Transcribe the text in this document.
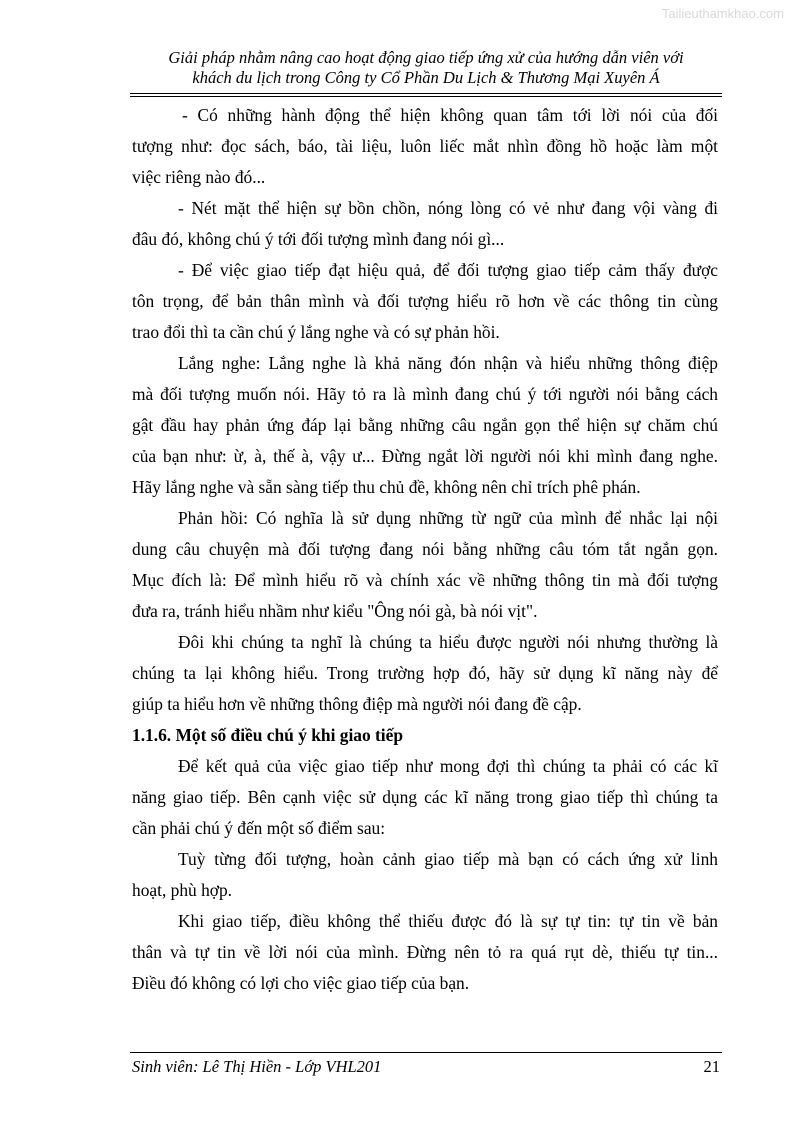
Tailieuthamkhao.com
Giải pháp nhằm nâng cao hoạt động giao tiếp ứng xử của hướng dẫn viên với
khách du lịch trong Công ty Cổ Phần Du Lịch & Thương Mại Xuyên Á
- Có những hành động thể hiện không quan tâm tới lời nói của đối
tượng như: đọc sách, báo, tài liệu, luôn liếc mắt nhìn đồng hồ hoặc làm một
việc riêng nào đó...
- Nét mặt thể hiện sự bồn chồn, nóng lòng có vẻ như đang vội vàng đi
đâu đó, không chú ý tới đối tượng mình đang nói gì...
- Để việc giao tiếp đạt hiệu quả, để đối tượng giao tiếp cảm thấy được
tôn trọng, để bản thân mình và đối tượng hiểu rõ hơn về các thông tin cùng
trao đổi thì ta cần chú ý lắng nghe và có sự phản hồi.
Lắng nghe: Lắng nghe là khả năng đón nhận và hiểu những thông điệp
mà đối tượng muốn nói. Hãy tỏ ra là mình đang chú ý tới người nói bằng cách
gật đầu hay phản ứng đáp lại bằng những câu ngắn gọn thể hiện sự chăm chú
của bạn như: ừ, à, thế à, vậy ư... Đừng ngắt lời người nói khi mình đang nghe.
Hãy lắng nghe và sẵn sàng tiếp thu chủ đề, không nên chỉ trích phê phán.
Phản hồi: Có nghĩa là sử dụng những từ ngữ của mình để nhắc lại nội
dung câu chuyện mà đối tượng đang nói bằng những câu tóm tắt ngắn gọn.
Mục đích là: Để mình hiểu rõ và chính xác về những thông tin mà đối tượng
đưa ra, tránh hiểu nhầm như kiểu "Ông nói gà, bà nói vịt".
Đôi khi chúng ta nghĩ là chúng ta hiểu được người nói nhưng thường là
chúng ta lại không hiểu. Trong trường hợp đó, hãy sử dụng kĩ năng này để
giúp ta hiểu hơn về những thông điệp mà người nói đang đề cập.
1.1.6. Một số điều chú ý khi giao tiếp
Để kết quả của việc giao tiếp như mong đợi thì chúng ta phải có các kĩ
năng giao tiếp. Bên cạnh việc sử dụng các kĩ năng trong giao tiếp thì chúng ta
cần phải chú ý đến một số điểm sau:
Tuỳ từng đối tượng, hoàn cảnh giao tiếp mà bạn có cách ứng xử linh
hoạt, phù hợp.
Khi giao tiếp, điều không thể thiếu được đó là sự tự tin: tự tin về bản
thân và tự tin về lời nói của mình. Đừng nên tỏ ra quá rụt dè, thiếu tự tin...
Điều đó không có lợi cho việc giao tiếp của bạn.
Sinh viên: Lê Thị Hiền - Lớp VHL201	21
